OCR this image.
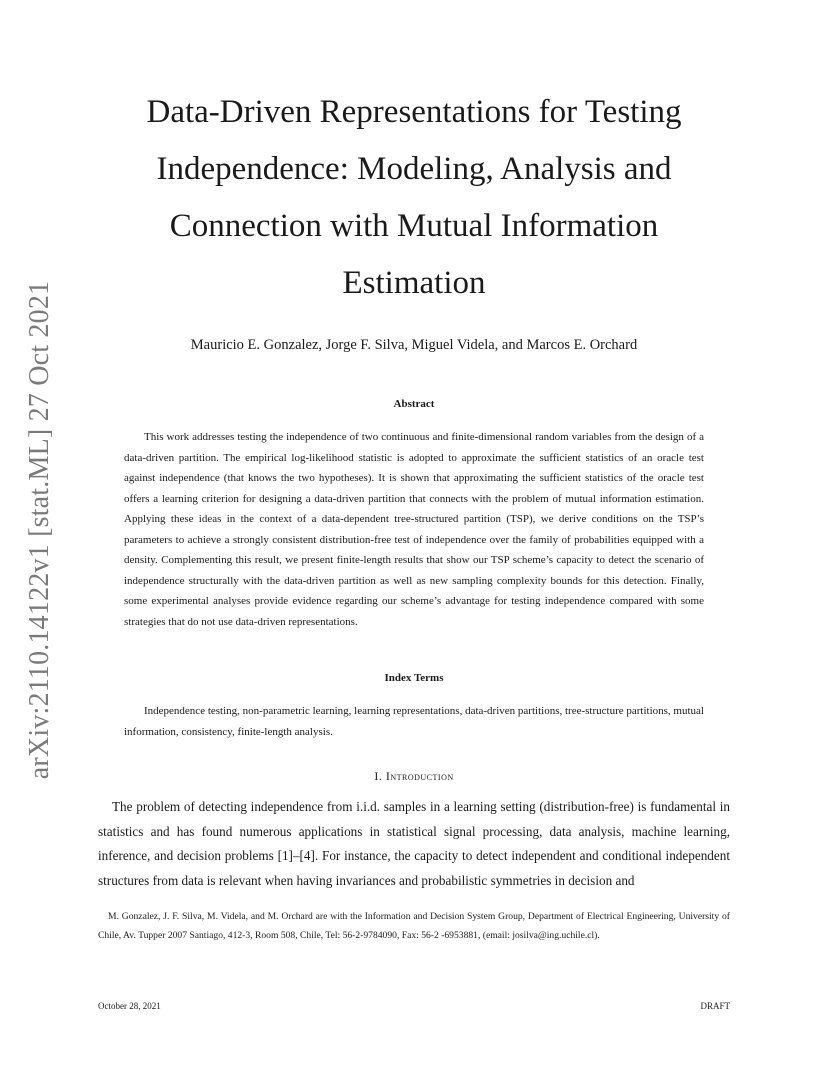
arXiv:2110.14122v1 [stat.ML] 27 Oct 2021
Data-Driven Representations for Testing Independence: Modeling, Analysis and Connection with Mutual Information Estimation
Mauricio E. Gonzalez, Jorge F. Silva, Miguel Videla, and Marcos E. Orchard
Abstract

This work addresses testing the independence of two continuous and finite-dimensional random variables from the design of a data-driven partition. The empirical log-likelihood statistic is adopted to approximate the sufficient statistics of an oracle test against independence (that knows the two hypotheses). It is shown that approximating the sufficient statistics of the oracle test offers a learning criterion for designing a data-driven partition that connects with the problem of mutual information estimation. Applying these ideas in the context of a data-dependent tree-structured partition (TSP), we derive conditions on the TSP’s parameters to achieve a strongly consistent distribution-free test of independence over the family of probabilities equipped with a density. Complementing this result, we present finite-length results that show our TSP scheme’s capacity to detect the scenario of independence structurally with the data-driven partition as well as new sampling complexity bounds for this detection. Finally, some experimental analyses provide evidence regarding our scheme’s advantage for testing independence compared with some strategies that do not use data-driven representations.

Index Terms

Independence testing, non-parametric learning, learning representations, data-driven partitions, tree-structure partitions, mutual information, consistency, finite-length analysis.

I. Introduction

The problem of detecting independence from i.i.d. samples in a learning setting (distribution-free) is fundamental in statistics and has found numerous applications in statistical signal processing, data analysis, machine learning, inference, and decision problems [1]–[4]. For instance, the capacity to detect independent and conditional independent structures from data is relevant when having invariances and probabilistic symmetries in decision and

M. Gonzalez, J. F. Silva, M. Videla, and M. Orchard are with the Information and Decision System Group, Department of Electrical Engineering, University of Chile, Av. Tupper 2007 Santiago, 412-3, Room 508, Chile, Tel: 56-2-9784090, Fax: 56-2 -6953881, (email: josilva@ing.uchile.cl).

October 28, 2021	DRAFT
